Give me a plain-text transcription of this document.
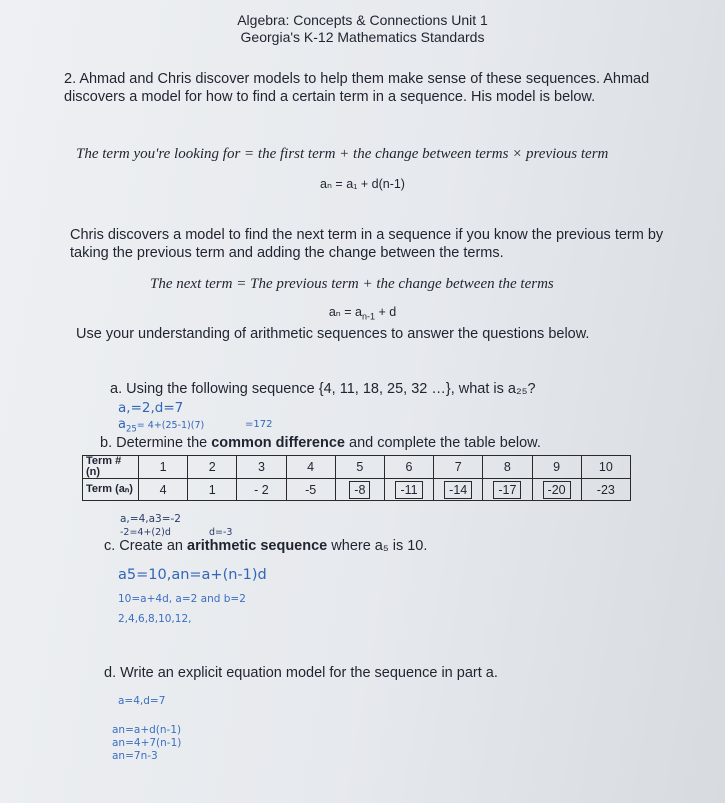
Algebra: Concepts & Connections Unit 1
Georgia's K-12 Mathematics Standards
2. Ahmad and Chris discover models to help them make sense of these sequences. Ahmad
discovers a model for how to find a certain term in a sequence. His model is below.
The term you're looking for = the first term + the change between terms × previous term
aₙ = a₁ + d(n-1)
Chris discovers a model to find the next term in a sequence if you know the previous term by
taking the previous term and adding the change between the terms.
The next term = The previous term + the change between the terms
$a_n = a_{n-1} + d$
Use your understanding of arithmetic sequences to answer the questions below.
a. Using the following sequence {4, 11, 18, 25, 32 …}, what is a₂₅?
a,=2,d=7
$a_{25}= 4+(25-1)(7)$	=172
b. Determine the common difference and complete the table below.
Term # (n)	1	2	3	4	5	6	7	8	9	10
Term (aₙ)	4	1	- 2	-5	-8	-11	-14	-17	-20	-23
a,=4,a3=-2
-2=4+(2)d	d=-3
c. Create an arithmetic sequence where a₅ is 10.
a5=10,an=a+(n-1)d
10=a+4d, a=2 and b=2
2,4,6,8,10,12,
d. Write an explicit equation model for the sequence in part a.
a=4,d=7
an=a+d(n-1)
an=4+7(n-1)
an=7n-3
